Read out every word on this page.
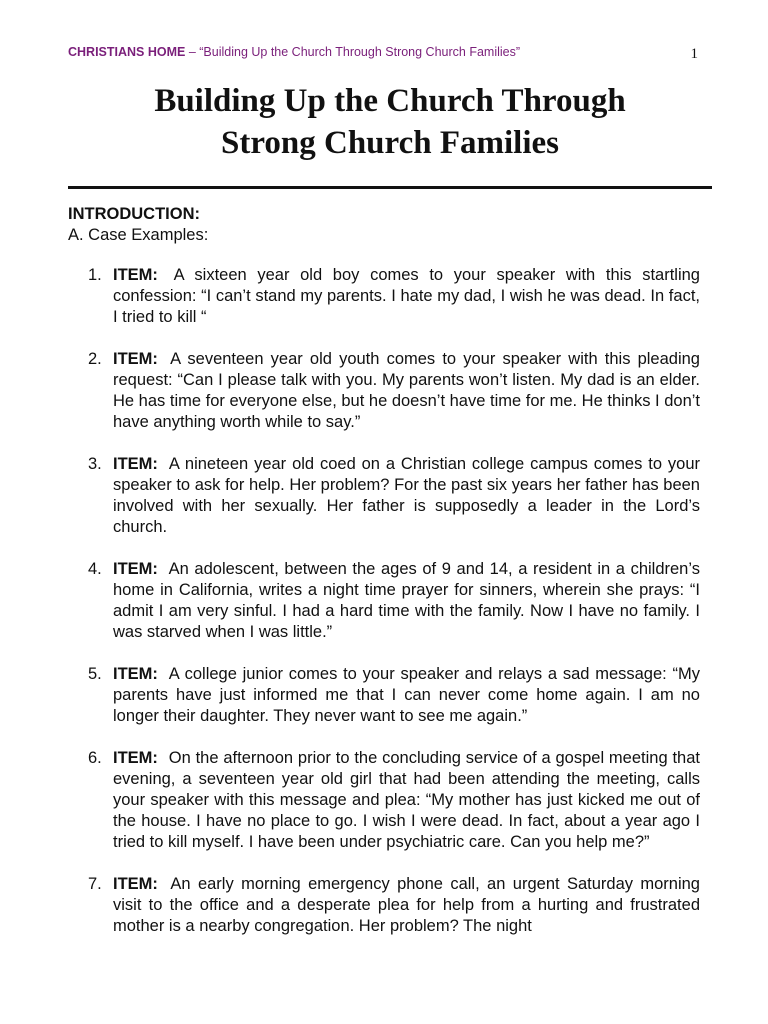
CHRISTIANS HOME – “Building Up the Church Through Strong Church Families”	1
Building Up the Church Through
Strong Church Families
INTRODUCTION:
A. Case Examples:
1. ITEM: A sixteen year old boy comes to your speaker with this startling confession: “I can’t stand my parents. I hate my dad, I wish he was dead. In fact, I tried to kill “
2. ITEM: A seventeen year old youth comes to your speaker with this pleading request: “Can I please talk with you. My parents won’t listen. My dad is an elder. He has time for everyone else, but he doesn’t have time for me. He thinks I don’t have anything worth while to say.”
3. ITEM: A nineteen year old coed on a Christian college campus comes to your speaker to ask for help. Her problem? For the past six years her father has been involved with her sexually. Her father is supposedly a leader in the Lord’s church.
4. ITEM: An adolescent, between the ages of 9 and 14, a resident in a children’s home in California, writes a night time prayer for sinners, wherein she prays: “I admit I am very sinful. I had a hard time with the family. Now I have no family. I was starved when I was little.”
5. ITEM: A college junior comes to your speaker and relays a sad message: “My parents have just informed me that I can never come home again. I am no longer their daughter. They never want to see me again.”
6. ITEM: On the afternoon prior to the concluding service of a gospel meeting that evening, a seventeen year old girl that had been attending the meeting, calls your speaker with this message and plea: “My mother has just kicked me out of the house. I have no place to go. I wish I were dead. In fact, about a year ago I tried to kill myself. I have been under psychiatric care. Can you help me?”
7. ITEM: An early morning emergency phone call, an urgent Saturday morning visit to the office and a desperate plea for help from a hurting and frustrated mother is a nearby congregation. Her problem? The night
